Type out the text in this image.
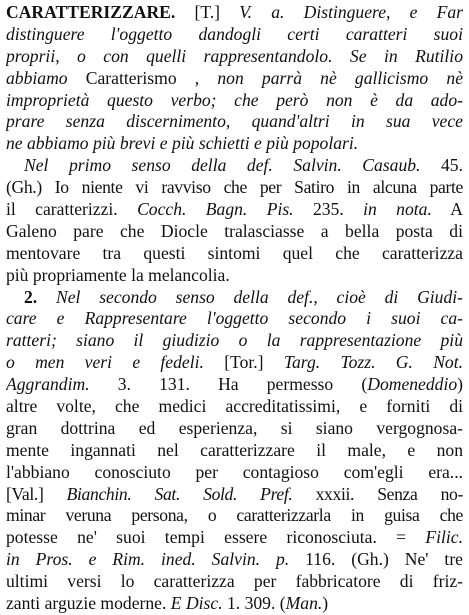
CARATTERIZZARE. [T.] V. a. Distinguere, e Far
distinguere l'oggetto dandogli certi caratteri suoi
proprii, o con quelli rappresentandolo. Se in Rutilio
abbiamo Caratterismo , non parrà nè gallicismo nè
improprietà questo verbo; che però non è da ado-
prare senza discernimento, quand'altri in sua vece
ne abbiamo più brevi e più schietti e più popolari.
Nel primo senso della def. Salvin. Casaub. 45.
(Gh.) Io niente vi ravviso che per Satiro in alcuna parte
il caratterizzi. Cocch. Bagn. Pis. 235. in nota. A
Galeno pare che Diocle tralasciasse a bella posta di
mentovare tra questi sintomi quel che caratterizza
più propriamente la melancolia.
2. Nel secondo senso della def., cioè di Giudi-
care e Rappresentare l'oggetto secondo i suoi ca-
ratteri; siano il giudizio o la rappresentazione più
o men veri e fedeli. [Tor.] Targ. Tozz. G. Not.
Aggrandim. 3. 131. Ha permesso (Domeneddio)
altre volte, che medici accreditatissimi, e forniti di
gran dottrina ed esperienza, si siano vergognosa-
mente ingannati nel caratterizzare il male, e non
l'abbiano conosciuto per contagioso com'egli era...
[Val.] Bianchin. Sat. Sold. Pref. xxxii. Senza no-
minar veruna persona, o caratterizzarla in guisa che
potesse ne' suoi tempi essere riconosciuta. = Filic.
in Pros. e Rim. ined. Salvin. p. 116. (Gh.) Ne' tre
ultimi versi lo caratterizza per fabbricatore di friz-
zanti arguzie moderne. E Disc. 1. 309. (Man.)
